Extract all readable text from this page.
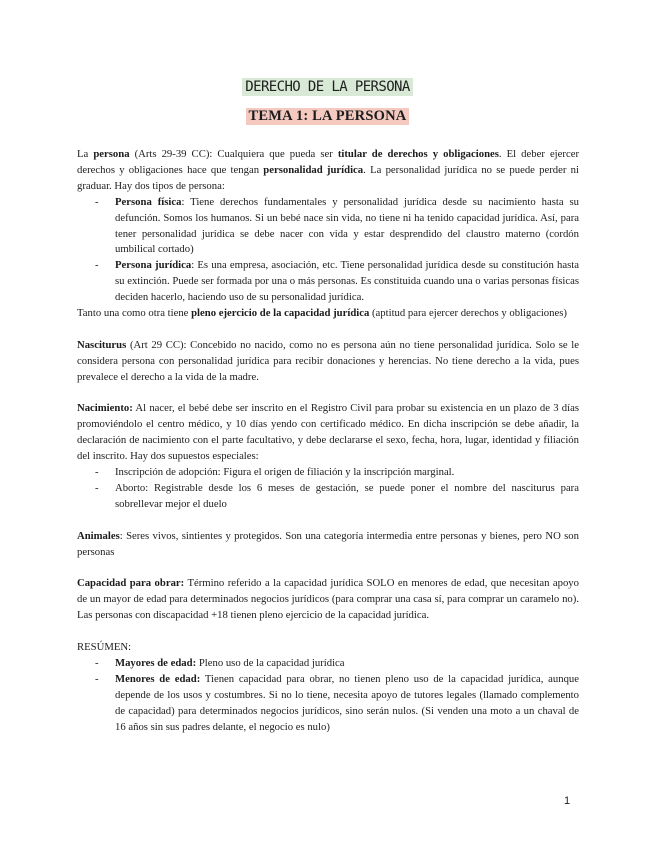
DERECHO DE LA PERSONA
TEMA 1: LA PERSONA

La persona (Arts 29-39 CC): Cualquiera que pueda ser titular de derechos y obligaciones. El deber ejercer derechos y obligaciones hace que tengan personalidad jurídica. La personalidad jurídica no se puede perder ni graduar. Hay dos tipos de persona:

- Persona física: Tiene derechos fundamentales y personalidad jurídica desde su nacimiento hasta su defunción. Somos los humanos. Si un bebé nace sin vida, no tiene ni ha tenido capacidad jurídica. Así, para tener personalidad jurídica se debe nacer con vida y estar desprendido del claustro materno (cordón umbilical cortado)
- Persona jurídica: Es una empresa, asociación, etc. Tiene personalidad jurídica desde su constitución hasta su extinción. Puede ser formada por una o más personas. Es constituida cuando una o varias personas físicas deciden hacerlo, haciendo uso de su personalidad jurídica.

Tanto una como otra tiene pleno ejercicio de la capacidad jurídica (aptitud para ejercer derechos y obligaciones)

Nasciturus (Art 29 CC): Concebido no nacido, como no es persona aún no tiene personalidad jurídica. Solo se le considera persona con personalidad jurídica para recibir donaciones y herencias. No tiene derecho a la vida, pues prevalece el derecho a la vida de la madre.

Nacimiento: Al nacer, el bebé debe ser inscrito en el Registro Civil para probar su existencia en un plazo de 3 días promoviéndolo el centro médico, y 10 días yendo con certificado médico. En dicha inscripción se debe añadir, la declaración de nacimiento con el parte facultativo, y debe declararse el sexo, fecha, hora, lugar, identidad y filiación del inscrito. Hay dos supuestos especiales:

- Inscripción de adopción: Figura el origen de filiación y la inscripción marginal.
- Aborto: Registrable desde los 6 meses de gestación, se puede poner el nombre del nasciturus para sobrellevar mejor el duelo

Animales: Seres vivos, sintientes y protegidos. Son una categoría intermedia entre personas y bienes, pero NO son personas

Capacidad para obrar: Término referido a la capacidad jurídica SOLO en menores de edad, que necesitan apoyo de un mayor de edad para determinados negocios jurídicos (para comprar una casa sí, para comprar un caramelo no). Las personas con discapacidad +18 tienen pleno ejercicio de la capacidad jurídica.

RESÚMEN:

- Mayores de edad: Pleno uso de la capacidad jurídica
- Menores de edad: Tienen capacidad para obrar, no tienen pleno uso de la capacidad jurídica, aunque depende de los usos y costumbres. Si no lo tiene, necesita apoyo de tutores legales (llamado complemento de capacidad) para determinados negocios jurídicos, sino serán nulos. (Si venden una moto a un chaval de 16 años sin sus padres delante, el negocio es nulo)
1
